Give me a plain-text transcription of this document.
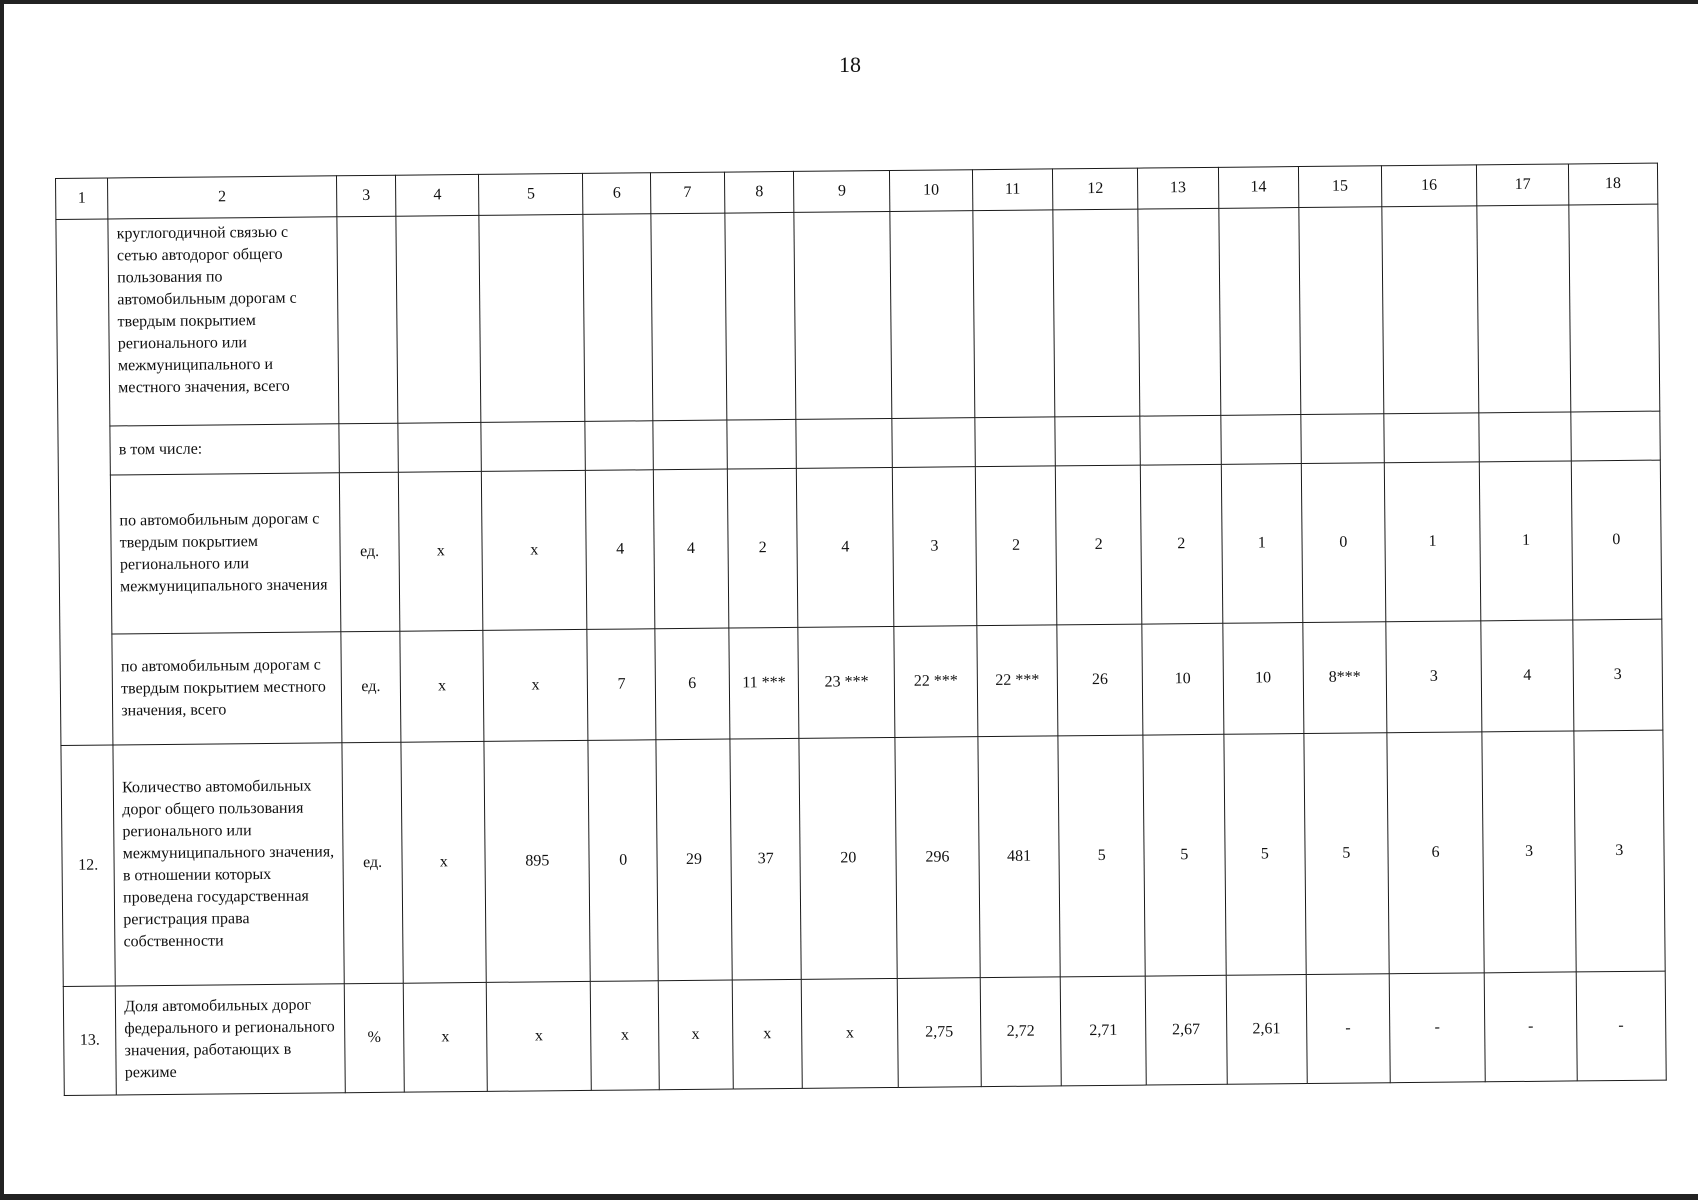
18
1	2	3	4	5	6	7	8	9	10	11	12	13	14	15	16	17	18
	круглогодичной связью с сетью автодорог общего пользования по автомобильным дорогам с твердым покрытием регионального или межмуниципального и местного значения, всего																
	в том числе:																
	по автомобильным дорогам с твердым покрытием регионального или межмуниципального значения	ед.	x	x	4	4	2	4	3	2	2	2	1	0	1	1	0
	по автомобильным дорогам с твердым покрытием местного значения, всего	ед.	x	x	7	6	11 ***	23 ***	22 ***	22 ***	26	10	10	8***	3	4	3
12.	Количество автомобильных дорог общего пользования регионального или межмуниципального значения, в отношении которых проведена государственная регистрация права собственности	ед.	x	895	0	29	37	20	296	481	5	5	5	5	6	3	3
13.	Доля автомобильных дорог федерального и регионального значения, работающих в режиме	%	x	x	x	x	x	x	2,75	2,72	2,71	2,67	2,61	-	-	-	-
